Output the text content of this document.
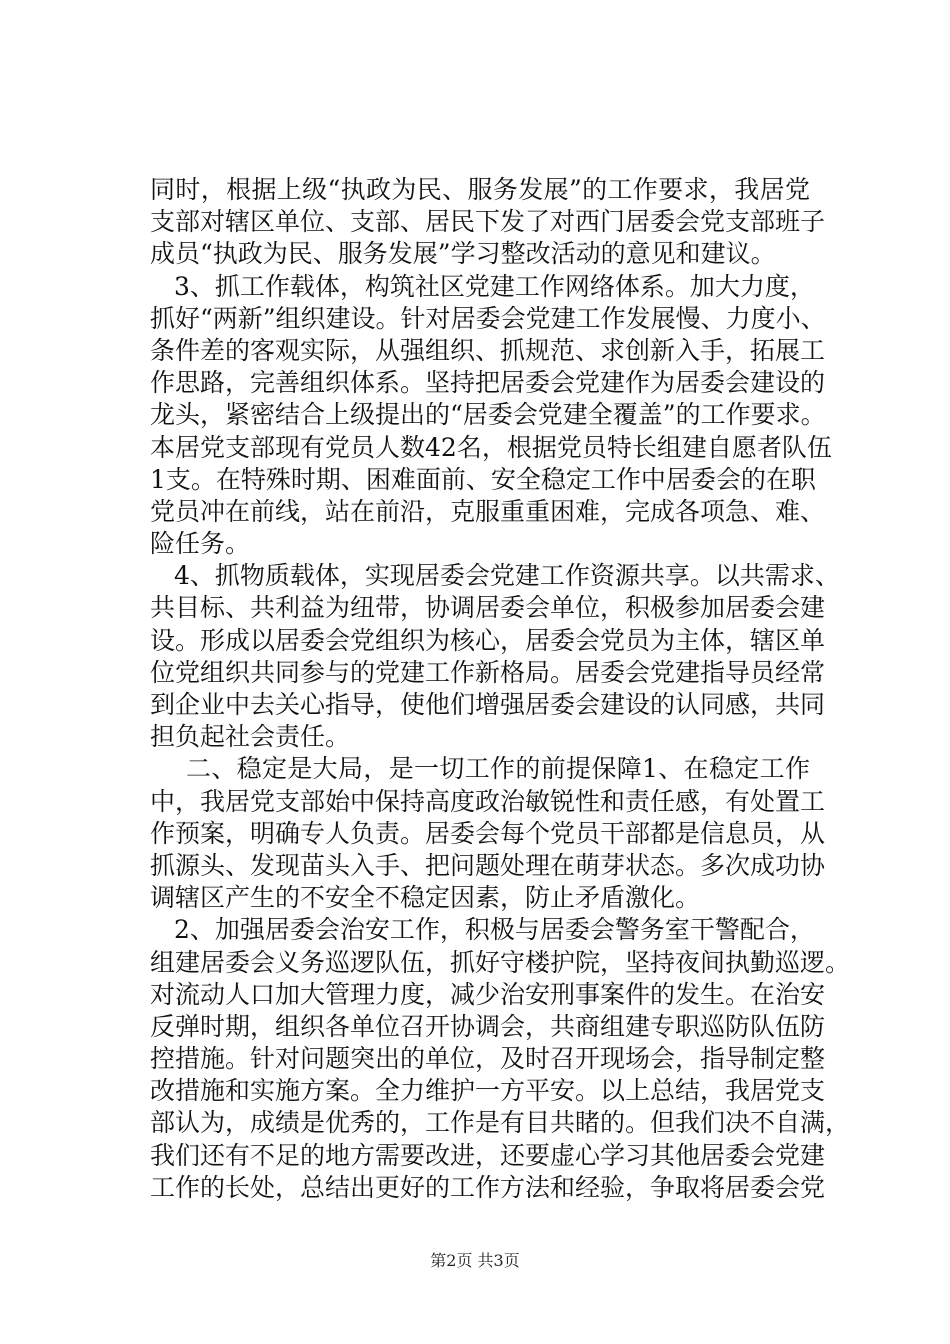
同时，根据上级“执政为民、服务发展”的工作要求，我居党
支部对辖区单位、支部、居民下发了对西门居委会党支部班子
成员“执政为民、服务发展”学习整改活动的意见和建议。
3、抓工作载体，构筑社区党建工作网络体系。加大力度，
抓好“两新”组织建设。针对居委会党建工作发展慢、力度小、
条件差的客观实际，从强组织、抓规范、求创新入手，拓展工
作思路，完善组织体系。坚持把居委会党建作为居委会建设的
龙头，紧密结合上级提出的“居委会党建全覆盖”的工作要求。
本居党支部现有党员人数42名，根据党员特长组建自愿者队伍
1支。在特殊时期、困难面前、安全稳定工作中居委会的在职
党员冲在前线，站在前沿，克服重重困难，完成各项急、难、
险任务。
4、抓物质载体，实现居委会党建工作资源共享。以共需求、
共目标、共利益为纽带，协调居委会单位，积极参加居委会建
设。形成以居委会党组织为核心，居委会党员为主体，辖区单
位党组织共同参与的党建工作新格局。居委会党建指导员经常
到企业中去关心指导，使他们增强居委会建设的认同感，共同
担负起社会责任。
二、稳定是大局，是一切工作的前提保障1、在稳定工作
中，我居党支部始中保持高度政治敏锐性和责任感，有处置工
作预案，明确专人负责。居委会每个党员干部都是信息员，从
抓源头、发现苗头入手、把问题处理在萌芽状态。多次成功协
调辖区产生的不安全不稳定因素，防止矛盾激化。
2、加强居委会治安工作，积极与居委会警务室干警配合，
组建居委会义务巡逻队伍，抓好守楼护院，坚持夜间执勤巡逻。
对流动人口加大管理力度，减少治安刑事案件的发生。在治安
反弹时期，组织各单位召开协调会，共商组建专职巡防队伍防
控措施。针对问题突出的单位，及时召开现场会，指导制定整
改措施和实施方案。全力维护一方平安。以上总结，我居党支
部认为，成绩是优秀的，工作是有目共睹的。但我们决不自满，
我们还有不足的地方需要改进，还要虚心学习其他居委会党建
工作的长处，总结出更好的工作方法和经验，争取将居委会党
第2页 共3页
